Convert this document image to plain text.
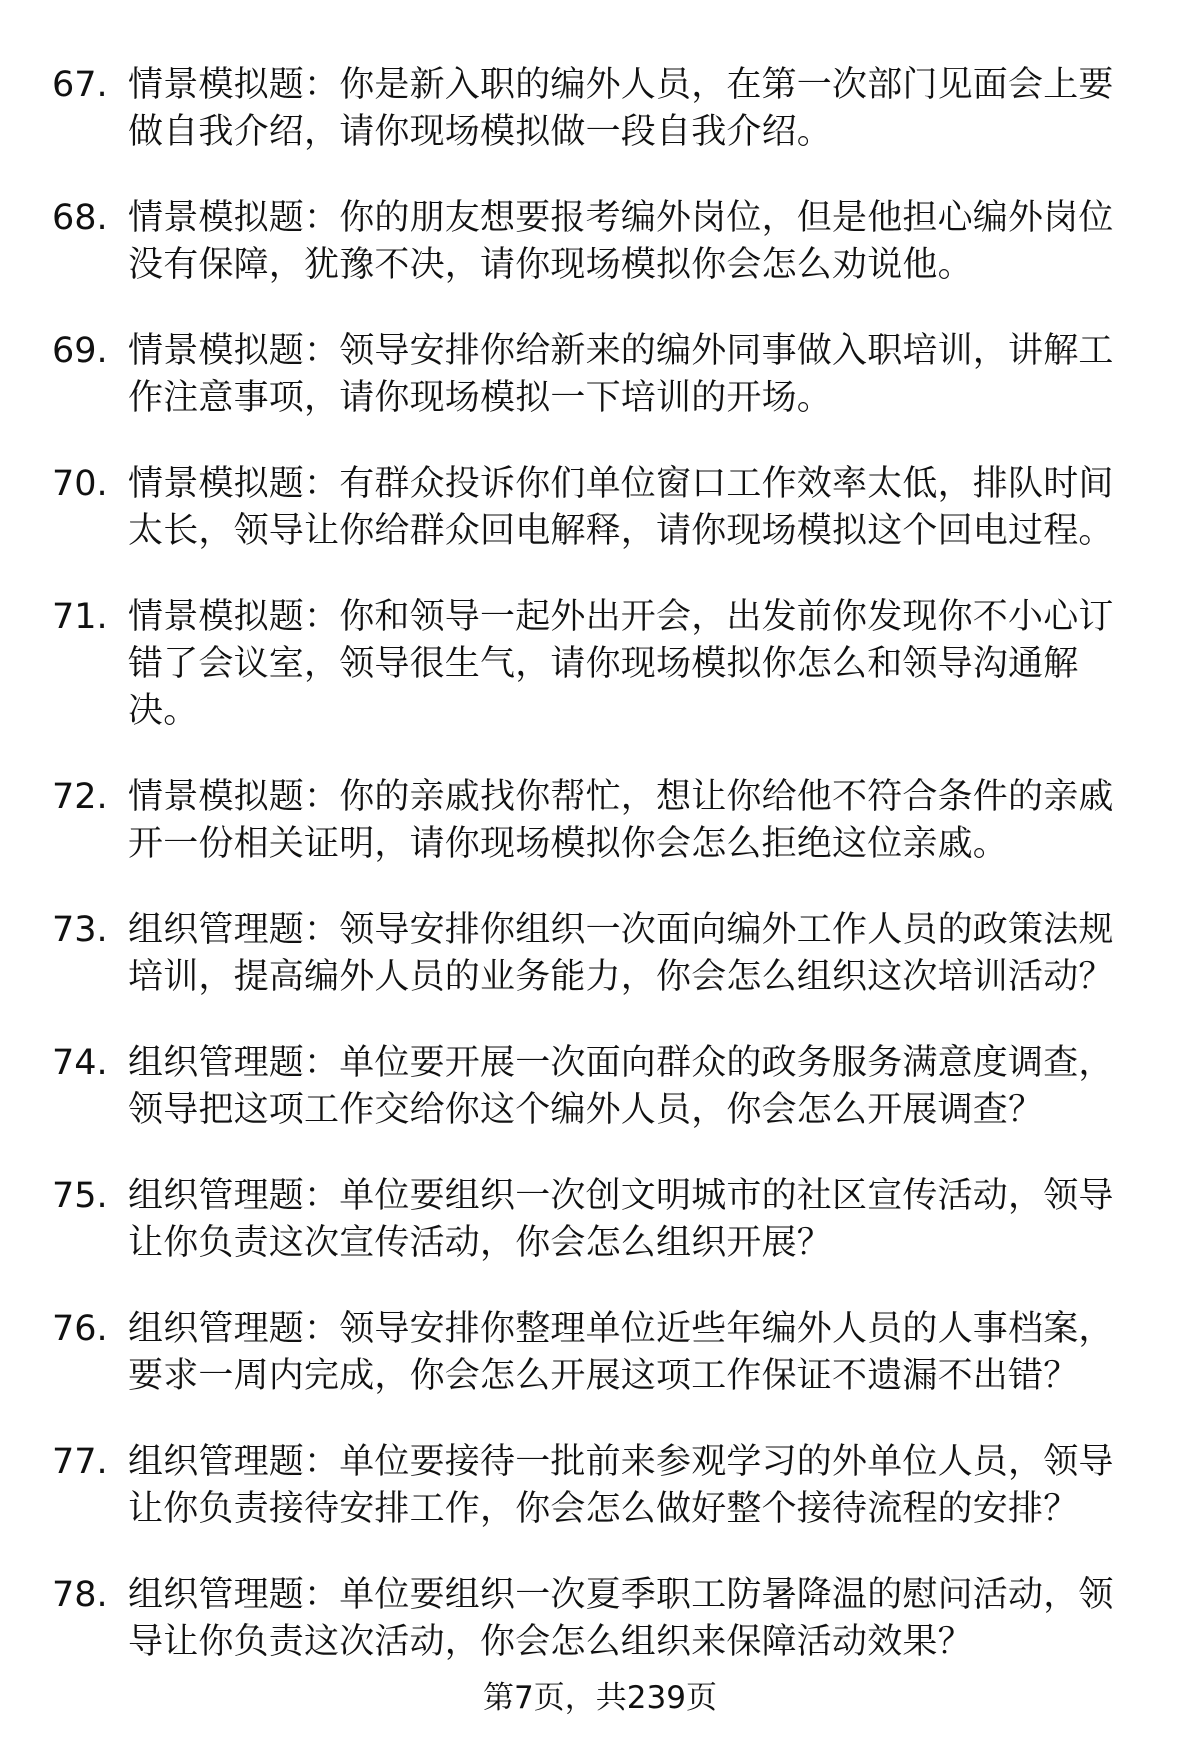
67. 情景模拟题：你是新入职的编外人员，在第一次部门见面会上要做自我介绍，请你现场模拟做一段自我介绍。
68. 情景模拟题：你的朋友想要报考编外岗位，但是他担心编外岗位没有保障，犹豫不决，请你现场模拟你会怎么劝说他。
69. 情景模拟题：领导安排你给新来的编外同事做入职培训，讲解工作注意事项，请你现场模拟一下培训的开场。
70. 情景模拟题：有群众投诉你们单位窗口工作效率太低，排队时间太长，领导让你给群众回电解释，请你现场模拟这个回电过程。
71. 情景模拟题：你和领导一起外出开会，出发前你发现你不小心订错了会议室，领导很生气，请你现场模拟你怎么和领导沟通解决。
72. 情景模拟题：你的亲戚找你帮忙，想让你给他不符合条件的亲戚开一份相关证明，请你现场模拟你会怎么拒绝这位亲戚。
73. 组织管理题：领导安排你组织一次面向编外工作人员的政策法规培训，提高编外人员的业务能力，你会怎么组织这次培训活动？
74. 组织管理题：单位要开展一次面向群众的政务服务满意度调查，领导把这项工作交给你这个编外人员，你会怎么开展调查？
75. 组织管理题：单位要组织一次创文明城市的社区宣传活动，领导让你负责这次宣传活动，你会怎么组织开展？
76. 组织管理题：领导安排你整理单位近些年编外人员的人事档案，要求一周内完成，你会怎么开展这项工作保证不遗漏不出错？
77. 组织管理题：单位要接待一批前来参观学习的外单位人员，领导让你负责接待安排工作，你会怎么做好整个接待流程的安排？
78. 组织管理题：单位要组织一次夏季职工防暑降温的慰问活动，领导让你负责这次活动，你会怎么组织来保障活动效果？
第7页，共239页
